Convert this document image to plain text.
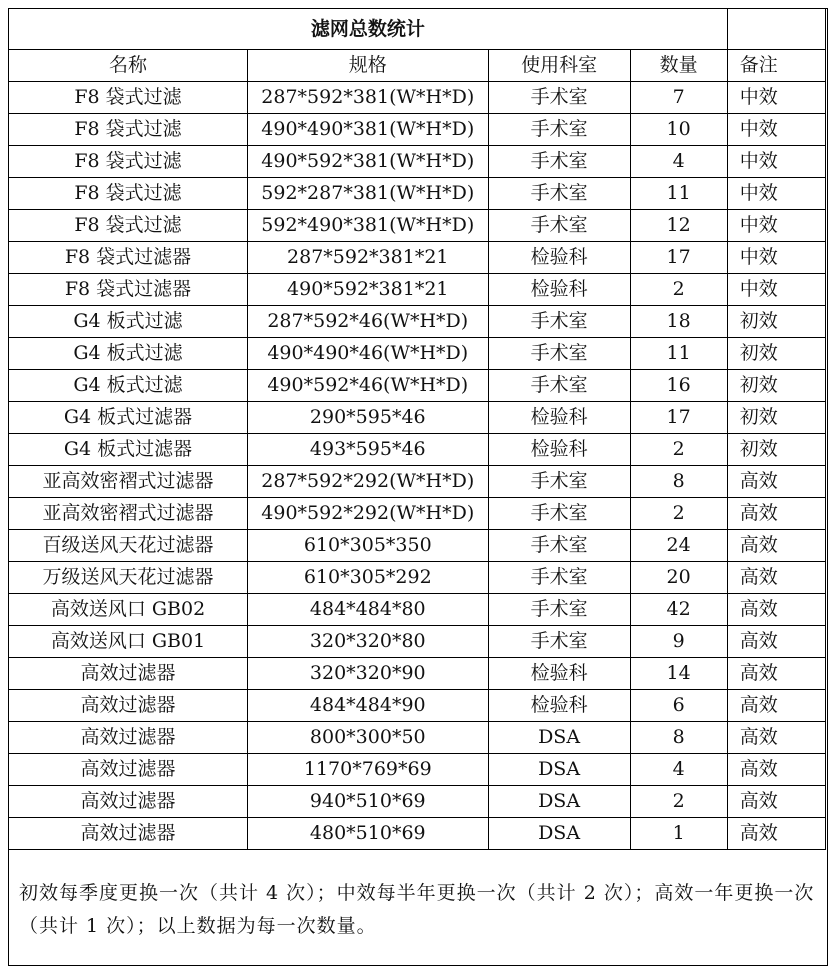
滤网总数统计				
名称	规格	使用科室	数量	备注
F8 袋式过滤	287*592*381(W*H*D)	手术室	7	中效
F8 袋式过滤	490*490*381(W*H*D)	手术室	10	中效
F8 袋式过滤	490*592*381(W*H*D)	手术室	4	中效
F8 袋式过滤	592*287*381(W*H*D)	手术室	11	中效
F8 袋式过滤	592*490*381(W*H*D)	手术室	12	中效
F8 袋式过滤器	287*592*381*21	检验科	17	中效
F8 袋式过滤器	490*592*381*21	检验科	2	中效
G4 板式过滤	287*592*46(W*H*D)	手术室	18	初效
G4 板式过滤	490*490*46(W*H*D)	手术室	11	初效
G4 板式过滤	490*592*46(W*H*D)	手术室	16	初效
G4 板式过滤器	290*595*46	检验科	17	初效
G4 板式过滤器	493*595*46	检验科	2	初效
亚高效密褶式过滤器	287*592*292(W*H*D)	手术室	8	高效
亚高效密褶式过滤器	490*592*292(W*H*D)	手术室	2	高效
百级送风天花过滤器	610*305*350	手术室	24	高效
万级送风天花过滤器	610*305*292	手术室	20	高效
高效送风口 GB02	484*484*80	手术室	42	高效
高效送风口 GB01	320*320*80	手术室	9	高效
高效过滤器	320*320*90	检验科	14	高效
高效过滤器	484*484*90	检验科	6	高效
高效过滤器	800*300*50	DSA	8	高效
高效过滤器	1170*769*69	DSA	4	高效
高效过滤器	940*510*69	DSA	2	高效
高效过滤器	480*510*69	DSA	1	高效
初效每季度更换一次（共计 4 次）；中效每半年更换一次（共计 2 次）；高效一年更换一次（共计 1 次）；以上数据为每一次数量。
